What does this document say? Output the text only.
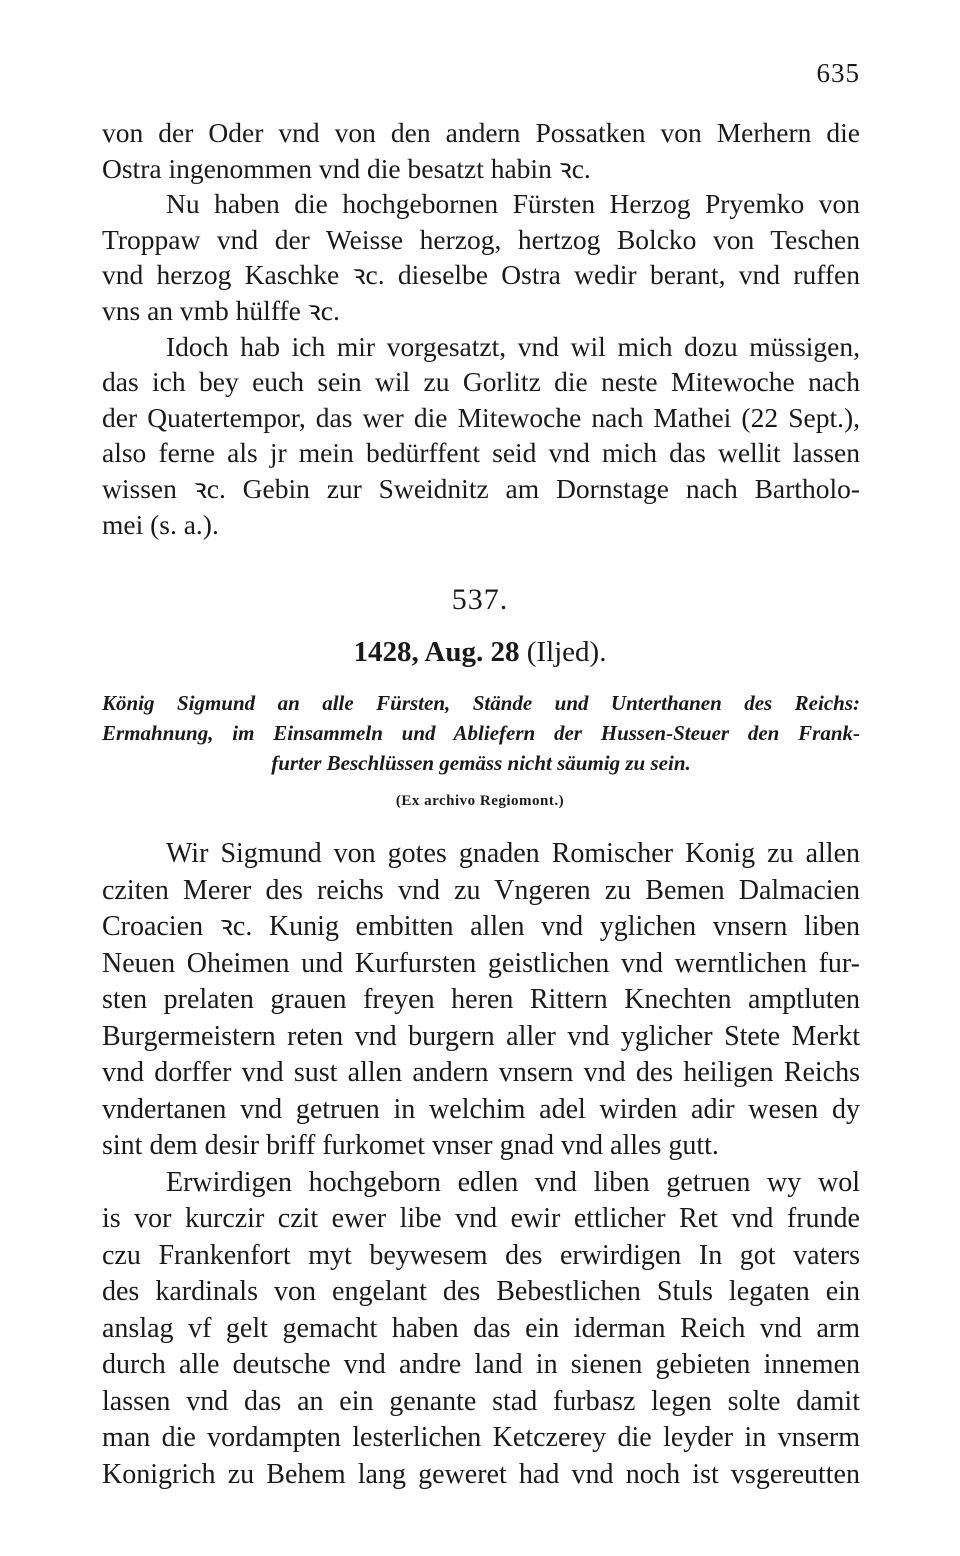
635
von der Oder vnd von den andern Possatken von Merhern die
Ostra ingenommen vnd die besatzt habin ꝛc.
Nu haben die hochgebornen Fürsten Herzog Pryemko von
Troppaw vnd der Weisse herzog, hertzog Bolcko von Teschen
vnd herzog Kaschke ꝛc. dieselbe Ostra wedir berant, vnd ruffen
vns an vmb hülffe ꝛc.
Idoch hab ich mir vorgesatzt, vnd wil mich dozu müssigen,
das ich bey euch sein wil zu Gorlitz die neste Mitewoche nach
der Quatertempor, das wer die Mitewoche nach Mathei (22 Sept.),
also ferne als jr mein bedürffent seid vnd mich das wellit lassen
wissen ꝛc. Gebin zur Sweidnitz am Dornstage nach Bartholo-
mei (s. a.).
537.
1428, Aug. 28 (Iljed).
König Sigmund an alle Fürsten, Stände und Unterthanen des Reichs:
Ermahnung, im Einsammeln und Abliefern der Hussen-Steuer den Frank-
furter Beschlüssen gemäss nicht säumig zu sein.
(Ex archivo Regiomont.)
Wir Sigmund von gotes gnaden Romischer Konig zu allen
cziten Merer des reichs vnd zu Vngeren zu Bemen Dalmacien
Croacien ꝛc. Kunig embitten allen vnd yglichen vnsern liben
Neuen Oheimen und Kurfursten geistlichen vnd werntlichen fur-
sten prelaten grauen freyen heren Rittern Knechten amptluten
Burgermeistern reten vnd burgern aller vnd yglicher Stete Merkt
vnd dorffer vnd sust allen andern vnsern vnd des heiligen Reichs
vndertanen vnd getruen in welchim adel wirden adir wesen dy
sint dem desir briff furkomet vnser gnad vnd alles gutt.
Erwirdigen hochgeborn edlen vnd liben getruen wy wol
is vor kurczir czit ewer libe vnd ewir ettlicher Ret vnd frunde
czu Frankenfort myt beywesem des erwirdigen In got vaters
des kardinals von engelant des Bebestlichen Stuls legaten ein
anslag vf gelt gemacht haben das ein iderman Reich vnd arm
durch alle deutsche vnd andre land in sienen gebieten innemen
lassen vnd das an ein genante stad furbasz legen solte damit
man die vordampten lesterlichen Ketczerey die leyder in vnserm
Konigrich zu Behem lang geweret had vnd noch ist vsgereutten
